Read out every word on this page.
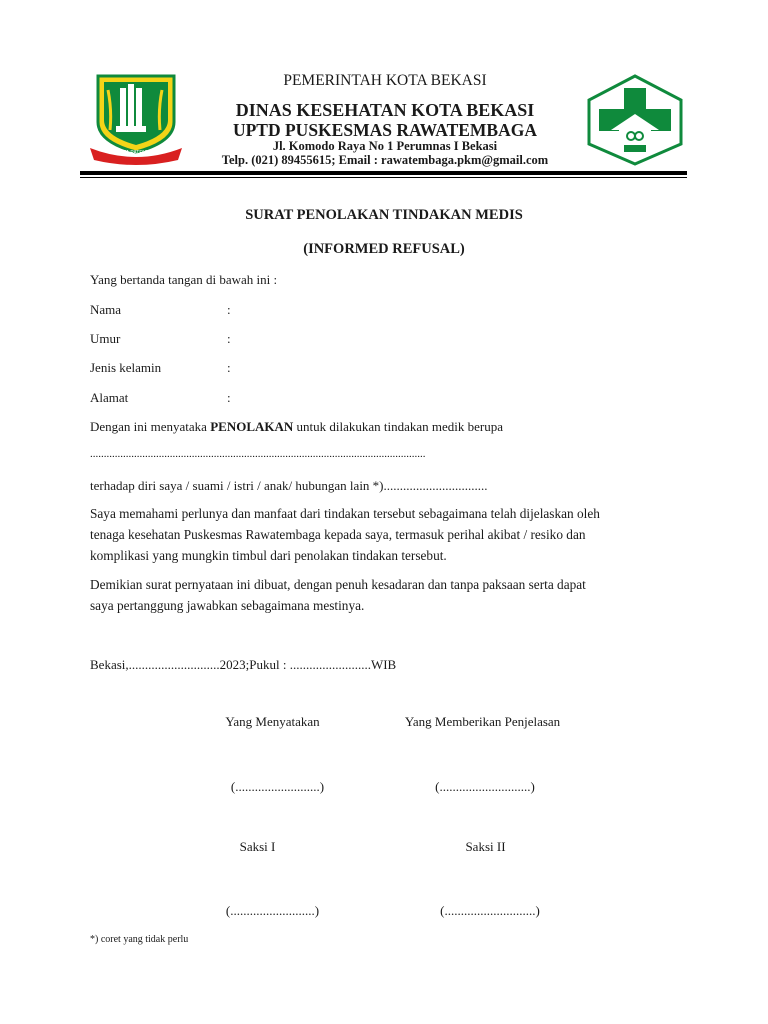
KOTA PATRIOT
PEMERINTAH KOTA BEKASI
DINAS KESEHATAN KOTA BEKASI
UPTD PUSKESMAS RAWATEMBAGA
Jl. Komodo Raya No 1 Perumnas I Bekasi
Telp. (021) 89455615; Email : rawatembaga.pkm@gmail.com
SURAT PENOLAKAN TINDAKAN MEDIS
(INFORMED REFUSAL)
Yang bertanda tangan di bawah ini :
Nama	:
Umur	:
Jenis kelamin	:
Alamat	:
Dengan ini menyataka PENOLAKAN untuk dilakukan tindakan medik berupa
..........................................................................................................................
terhadap diri saya / suami / istri / anak/ hubungan lain *)................................

Saya memahami perlunya dan manfaat dari tindakan tersebut sebagaimana telah dijelaskan oleh

tenaga kesehatan Puskesmas Rawatembaga kepada saya, termasuk perihal akibat / resiko dan

komplikasi yang mungkin timbul dari penolakan tindakan tersebut.

Demikian surat pernyataan ini dibuat, dengan penuh kesadaran dan tanpa paksaan serta dapat

saya pertanggung jawabkan sebagaimana mestinya.

Bekasi,............................2023;Pukul : .........................WIB
Yang Menyatakan	Yang Memberikan Penjelasan
(..........................)	(............................)
Saksi I	Saksi II
(..........................)	(............................)
*) coret yang tidak perlu
